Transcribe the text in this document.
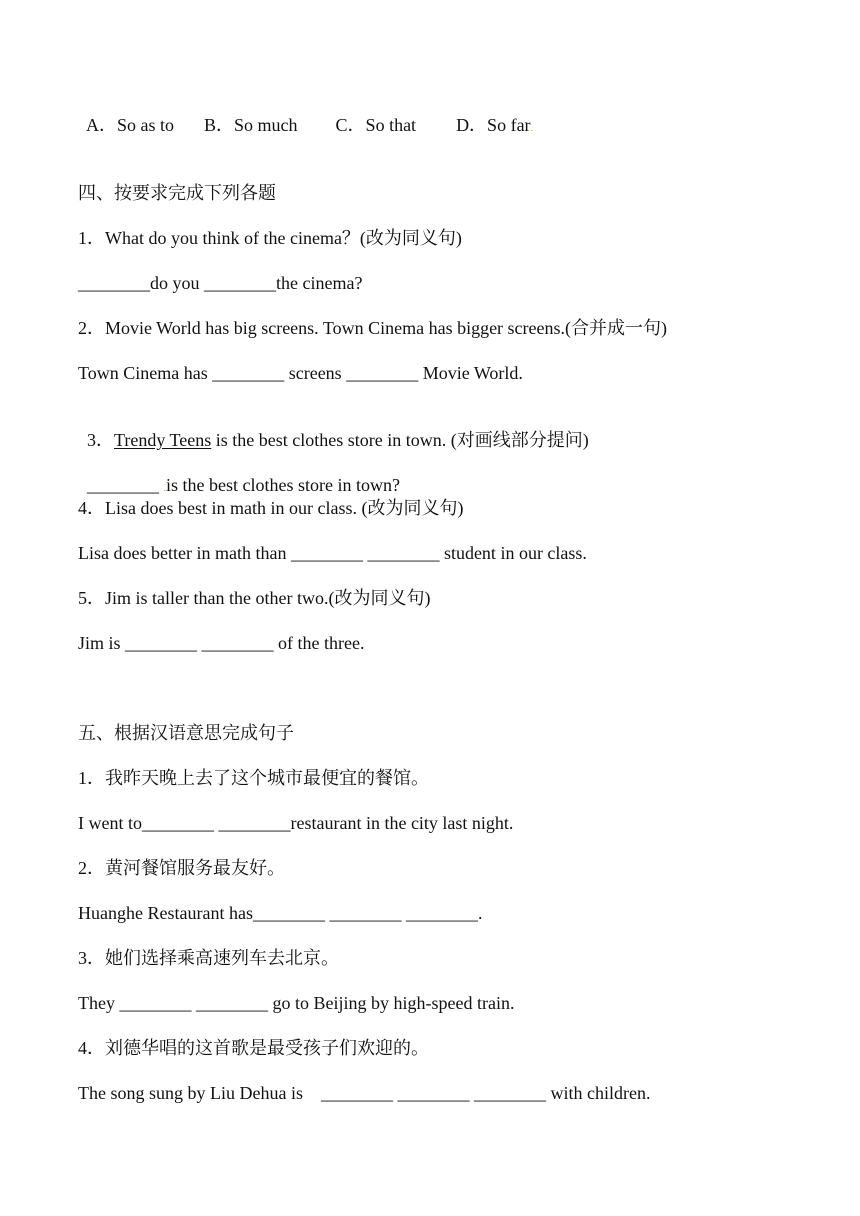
A．So as to B．So much C．So that D．So far.

四、按要求完成下列各题
1．What do you think of the cinema？(改为同义句)
________do you ________the cinema?
2．Movie World has big screens. Town Cinema has bigger screens.(合并成一句)
Town Cinema has ________ screens ________ Movie World.

3．Trendy Teens is the best clothes store in town. (对画线部分提问)

________ .is the best clothes store in town?

4．Lisa does best in math in our class. (改为同义句)
Lisa does better in math than ________ ________ student in our class.
5．Jim is taller than the other two.(改为同义句)
Jim is ________ ________ of the three.
五、根据汉语意思完成句子
1．我昨天晚上去了这个城市最便宜的餐馆。
I went to________ ________restaurant in the city last night.
2．黄河餐馆服务最友好。
Huanghe Restaurant has________ ________ ________.
3．她们选择乘高速列车去北京。
They ________ ________ go to Beijing by high-speed train.
4．刘德华唱的这首歌是最受孩子们欢迎的。
The song sung by Liu Dehua is    ________ ________ ________ with children.
